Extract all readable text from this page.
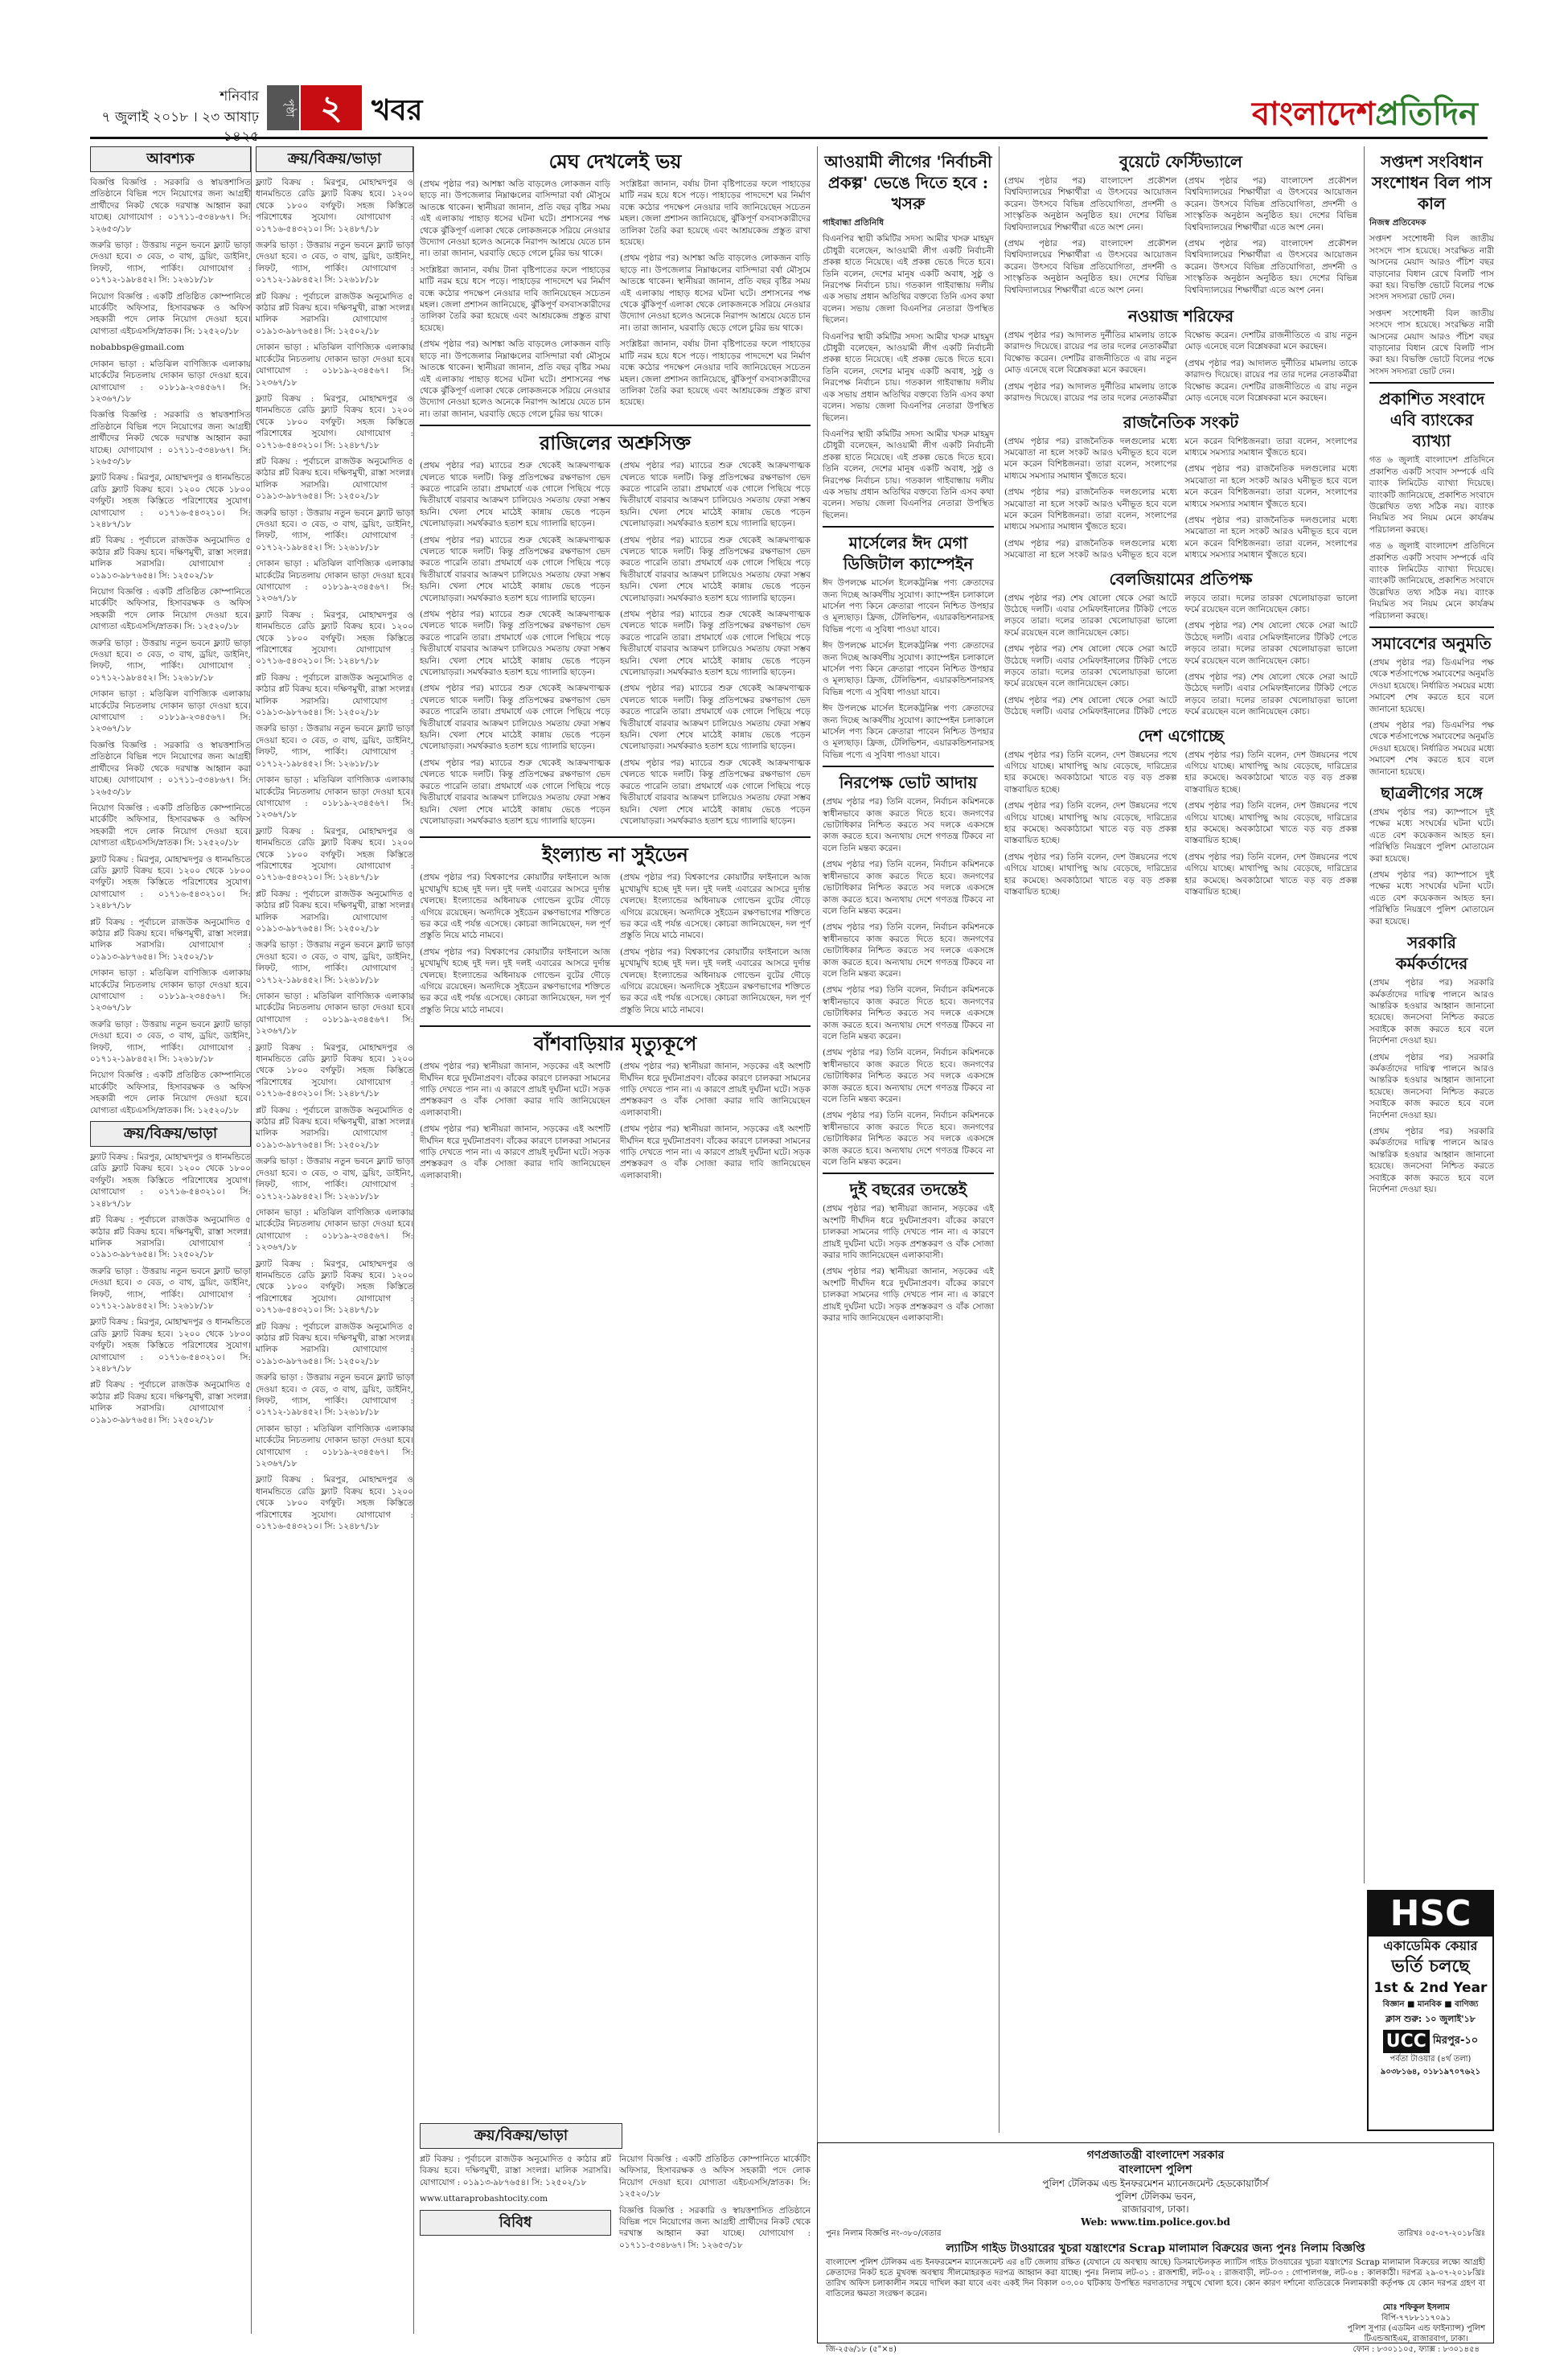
শনিবার
৭ জুলাই ২০১৮ । ২৩ আষাঢ় ১৪২৫
পৃষ্ঠা ২	খবর	বাংলাদেশপ্রতিদিন
আবশ্যক

বিজ্ঞপ্তি বিজ্ঞপ্তি : সরকারি ও স্বায়ত্তশাসিত প্রতিষ্ঠানে বিভিন্ন পদে নিয়োগের জন্য আগ্রহী প্রার্থীদের নিকট থেকে দরখাস্ত আহ্বান করা যাচ্ছে। যোগাযোগ : ০১৭১১-৫৩৪৮৬৭। সি: ১২৬৫৩/১৮

জরুরি ভাড়া : উত্তরায় নতুন ভবনে ফ্ল্যাট ভাড়া দেওয়া হবে। ৩ বেড, ৩ বাথ, ড্রয়িং, ডাইনিং, লিফট, গ্যাস, পার্কিং। যোগাযোগ : ০১৭১২-১৯৮৪৫২। সি: ১২৬১৮/১৮

নিয়োগ বিজ্ঞপ্তি : একটি প্রতিষ্ঠিত কোম্পানিতে মার্কেটিং অফিসার, হিসাবরক্ষক ও অফিস সহকারী পদে লোক নিয়োগ দেওয়া হবে। যোগ্যতা এইচএসসি/স্নাতক। সি: ১২৫২০/১৮

nobabbsp@gmail.com

দোকান ভাড়া : মতিঝিল বাণিজ্যিক এলাকায় মার্কেটের নিচতলায় দোকান ভাড়া দেওয়া হবে। যোগাযোগ : ০১৮১৯-২৩৪৫৬৭। সি: ১২৩৬৭/১৮

বিজ্ঞপ্তি বিজ্ঞপ্তি : সরকারি ও স্বায়ত্তশাসিত প্রতিষ্ঠানে বিভিন্ন পদে নিয়োগের জন্য আগ্রহী প্রার্থীদের নিকট থেকে দরখাস্ত আহ্বান করা যাচ্ছে। যোগাযোগ : ০১৭১১-৫৩৪৮৬৭। সি: ১২৬৫৩/১৮

ফ্ল্যাট বিক্রয় : মিরপুর, মোহাম্মদপুর ও ধানমন্ডিতে রেডি ফ্ল্যাট বিক্রয় হবে। ১২০০ থেকে ১৮০০ বর্গফুট। সহজ কিস্তিতে পরিশোধের সুযোগ। যোগাযোগ : ০১৭১৬-৫৪৩২১০। সি: ১২৪৮৭/১৮

প্লট বিক্রয় : পূর্বাচলে রাজউক অনুমোদিত ৫ কাঠার প্লট বিক্রয় হবে। দক্ষিণমুখী, রাস্তা সংলগ্ন। মালিক সরাসরি। যোগাযোগ : ০১৯১৩-৯৮৭৬৫৪। সি: ১২৫০২/১৮

নিয়োগ বিজ্ঞপ্তি : একটি প্রতিষ্ঠিত কোম্পানিতে মার্কেটিং অফিসার, হিসাবরক্ষক ও অফিস সহকারী পদে লোক নিয়োগ দেওয়া হবে। যোগ্যতা এইচএসসি/স্নাতক। সি: ১২৫২০/১৮

জরুরি ভাড়া : উত্তরায় নতুন ভবনে ফ্ল্যাট ভাড়া দেওয়া হবে। ৩ বেড, ৩ বাথ, ড্রয়িং, ডাইনিং, লিফট, গ্যাস, পার্কিং। যোগাযোগ : ০১৭১২-১৯৮৪৫২। সি: ১২৬১৮/১৮

দোকান ভাড়া : মতিঝিল বাণিজ্যিক এলাকায় মার্কেটের নিচতলায় দোকান ভাড়া দেওয়া হবে। যোগাযোগ : ০১৮১৯-২৩৪৫৬৭। সি: ১২৩৬৭/১৮

বিজ্ঞপ্তি বিজ্ঞপ্তি : সরকারি ও স্বায়ত্তশাসিত প্রতিষ্ঠানে বিভিন্ন পদে নিয়োগের জন্য আগ্রহী প্রার্থীদের নিকট থেকে দরখাস্ত আহ্বান করা যাচ্ছে। যোগাযোগ : ০১৭১১-৫৩৪৮৬৭। সি: ১২৬৫৩/১৮

নিয়োগ বিজ্ঞপ্তি : একটি প্রতিষ্ঠিত কোম্পানিতে মার্কেটিং অফিসার, হিসাবরক্ষক ও অফিস সহকারী পদে লোক নিয়োগ দেওয়া হবে। যোগ্যতা এইচএসসি/স্নাতক। সি: ১২৫২০/১৮

ফ্ল্যাট বিক্রয় : মিরপুর, মোহাম্মদপুর ও ধানমন্ডিতে রেডি ফ্ল্যাট বিক্রয় হবে। ১২০০ থেকে ১৮০০ বর্গফুট। সহজ কিস্তিতে পরিশোধের সুযোগ। যোগাযোগ : ০১৭১৬-৫৪৩২১০। সি: ১২৪৮৭/১৮

প্লট বিক্রয় : পূর্বাচলে রাজউক অনুমোদিত ৫ কাঠার প্লট বিক্রয় হবে। দক্ষিণমুখী, রাস্তা সংলগ্ন। মালিক সরাসরি। যোগাযোগ : ০১৯১৩-৯৮৭৬৫৪। সি: ১২৫০২/১৮

দোকান ভাড়া : মতিঝিল বাণিজ্যিক এলাকায় মার্কেটের নিচতলায় দোকান ভাড়া দেওয়া হবে। যোগাযোগ : ০১৮১৯-২৩৪৫৬৭। সি: ১২৩৬৭/১৮

জরুরি ভাড়া : উত্তরায় নতুন ভবনে ফ্ল্যাট ভাড়া দেওয়া হবে। ৩ বেড, ৩ বাথ, ড্রয়িং, ডাইনিং, লিফট, গ্যাস, পার্কিং। যোগাযোগ : ০১৭১২-১৯৮৪৫২। সি: ১২৬১৮/১৮

নিয়োগ বিজ্ঞপ্তি : একটি প্রতিষ্ঠিত কোম্পানিতে মার্কেটিং অফিসার, হিসাবরক্ষক ও অফিস সহকারী পদে লোক নিয়োগ দেওয়া হবে। যোগ্যতা এইচএসসি/স্নাতক। সি: ১২৫২০/১৮

ক্রয়/বিক্রয়/ভাড়া

ফ্ল্যাট বিক্রয় : মিরপুর, মোহাম্মদপুর ও ধানমন্ডিতে রেডি ফ্ল্যাট বিক্রয় হবে। ১২০০ থেকে ১৮০০ বর্গফুট। সহজ কিস্তিতে পরিশোধের সুযোগ। যোগাযোগ : ০১৭১৬-৫৪৩২১০। সি: ১২৪৮৭/১৮

প্লট বিক্রয় : পূর্বাচলে রাজউক অনুমোদিত ৫ কাঠার প্লট বিক্রয় হবে। দক্ষিণমুখী, রাস্তা সংলগ্ন। মালিক সরাসরি। যোগাযোগ : ০১৯১৩-৯৮৭৬৫৪। সি: ১২৫০২/১৮

জরুরি ভাড়া : উত্তরায় নতুন ভবনে ফ্ল্যাট ভাড়া দেওয়া হবে। ৩ বেড, ৩ বাথ, ড্রয়িং, ডাইনিং, লিফট, গ্যাস, পার্কিং। যোগাযোগ : ০১৭১২-১৯৮৪৫২। সি: ১২৬১৮/১৮

ফ্ল্যাট বিক্রয় : মিরপুর, মোহাম্মদপুর ও ধানমন্ডিতে রেডি ফ্ল্যাট বিক্রয় হবে। ১২০০ থেকে ১৮০০ বর্গফুট। সহজ কিস্তিতে পরিশোধের সুযোগ। যোগাযোগ : ০১৭১৬-৫৪৩২১০। সি: ১২৪৮৭/১৮

প্লট বিক্রয় : পূর্বাচলে রাজউক অনুমোদিত ৫ কাঠার প্লট বিক্রয় হবে। দক্ষিণমুখী, রাস্তা সংলগ্ন। মালিক সরাসরি। যোগাযোগ : ০১৯১৩-৯৮৭৬৫৪। সি: ১২৫০২/১৮

ক্রয়/বিক্রয়/ভাড়া

ফ্ল্যাট বিক্রয় : মিরপুর, মোহাম্মদপুর ও ধানমন্ডিতে রেডি ফ্ল্যাট বিক্রয় হবে। ১২০০ থেকে ১৮০০ বর্গফুট। সহজ কিস্তিতে পরিশোধের সুযোগ। যোগাযোগ : ০১৭১৬-৫৪৩২১০। সি: ১২৪৮৭/১৮

জরুরি ভাড়া : উত্তরায় নতুন ভবনে ফ্ল্যাট ভাড়া দেওয়া হবে। ৩ বেড, ৩ বাথ, ড্রয়িং, ডাইনিং, লিফট, গ্যাস, পার্কিং। যোগাযোগ : ০১৭১২-১৯৮৪৫২। সি: ১২৬১৮/১৮

প্লট বিক্রয় : পূর্বাচলে রাজউক অনুমোদিত ৫ কাঠার প্লট বিক্রয় হবে। দক্ষিণমুখী, রাস্তা সংলগ্ন। মালিক সরাসরি। যোগাযোগ : ০১৯১৩-৯৮৭৬৫৪। সি: ১২৫০২/১৮

দোকান ভাড়া : মতিঝিল বাণিজ্যিক এলাকায় মার্কেটের নিচতলায় দোকান ভাড়া দেওয়া হবে। যোগাযোগ : ০১৮১৯-২৩৪৫৬৭। সি: ১২৩৬৭/১৮

ফ্ল্যাট বিক্রয় : মিরপুর, মোহাম্মদপুর ও ধানমন্ডিতে রেডি ফ্ল্যাট বিক্রয় হবে। ১২০০ থেকে ১৮০০ বর্গফুট। সহজ কিস্তিতে পরিশোধের সুযোগ। যোগাযোগ : ০১৭১৬-৫৪৩২১০। সি: ১২৪৮৭/১৮

প্লট বিক্রয় : পূর্বাচলে রাজউক অনুমোদিত ৫ কাঠার প্লট বিক্রয় হবে। দক্ষিণমুখী, রাস্তা সংলগ্ন। মালিক সরাসরি। যোগাযোগ : ০১৯১৩-৯৮৭৬৫৪। সি: ১২৫০২/১৮

জরুরি ভাড়া : উত্তরায় নতুন ভবনে ফ্ল্যাট ভাড়া দেওয়া হবে। ৩ বেড, ৩ বাথ, ড্রয়িং, ডাইনিং, লিফট, গ্যাস, পার্কিং। যোগাযোগ : ০১৭১২-১৯৮৪৫২। সি: ১২৬১৮/১৮

দোকান ভাড়া : মতিঝিল বাণিজ্যিক এলাকায় মার্কেটের নিচতলায় দোকান ভাড়া দেওয়া হবে। যোগাযোগ : ০১৮১৯-২৩৪৫৬৭। সি: ১২৩৬৭/১৮

ফ্ল্যাট বিক্রয় : মিরপুর, মোহাম্মদপুর ও ধানমন্ডিতে রেডি ফ্ল্যাট বিক্রয় হবে। ১২০০ থেকে ১৮০০ বর্গফুট। সহজ কিস্তিতে পরিশোধের সুযোগ। যোগাযোগ : ০১৭১৬-৫৪৩২১০। সি: ১২৪৮৭/১৮

প্লট বিক্রয় : পূর্বাচলে রাজউক অনুমোদিত ৫ কাঠার প্লট বিক্রয় হবে। দক্ষিণমুখী, রাস্তা সংলগ্ন। মালিক সরাসরি। যোগাযোগ : ০১৯১৩-৯৮৭৬৫৪। সি: ১২৫০২/১৮

জরুরি ভাড়া : উত্তরায় নতুন ভবনে ফ্ল্যাট ভাড়া দেওয়া হবে। ৩ বেড, ৩ বাথ, ড্রয়িং, ডাইনিং, লিফট, গ্যাস, পার্কিং। যোগাযোগ : ০১৭১২-১৯৮৪৫২। সি: ১২৬১৮/১৮

দোকান ভাড়া : মতিঝিল বাণিজ্যিক এলাকায় মার্কেটের নিচতলায় দোকান ভাড়া দেওয়া হবে। যোগাযোগ : ০১৮১৯-২৩৪৫৬৭। সি: ১২৩৬৭/১৮

ফ্ল্যাট বিক্রয় : মিরপুর, মোহাম্মদপুর ও ধানমন্ডিতে রেডি ফ্ল্যাট বিক্রয় হবে। ১২০০ থেকে ১৮০০ বর্গফুট। সহজ কিস্তিতে পরিশোধের সুযোগ। যোগাযোগ : ০১৭১৬-৫৪৩২১০। সি: ১২৪৮৭/১৮

প্লট বিক্রয় : পূর্বাচলে রাজউক অনুমোদিত ৫ কাঠার প্লট বিক্রয় হবে। দক্ষিণমুখী, রাস্তা সংলগ্ন। মালিক সরাসরি। যোগাযোগ : ০১৯১৩-৯৮৭৬৫৪। সি: ১২৫০২/১৮

জরুরি ভাড়া : উত্তরায় নতুন ভবনে ফ্ল্যাট ভাড়া দেওয়া হবে। ৩ বেড, ৩ বাথ, ড্রয়িং, ডাইনিং, লিফট, গ্যাস, পার্কিং। যোগাযোগ : ০১৭১২-১৯৮৪৫২। সি: ১২৬১৮/১৮

দোকান ভাড়া : মতিঝিল বাণিজ্যিক এলাকায় মার্কেটের নিচতলায় দোকান ভাড়া দেওয়া হবে। যোগাযোগ : ০১৮১৯-২৩৪৫৬৭। সি: ১২৩৬৭/১৮

ফ্ল্যাট বিক্রয় : মিরপুর, মোহাম্মদপুর ও ধানমন্ডিতে রেডি ফ্ল্যাট বিক্রয় হবে। ১২০০ থেকে ১৮০০ বর্গফুট। সহজ কিস্তিতে পরিশোধের সুযোগ। যোগাযোগ : ০১৭১৬-৫৪৩২১০। সি: ১২৪৮৭/১৮

প্লট বিক্রয় : পূর্বাচলে রাজউক অনুমোদিত ৫ কাঠার প্লট বিক্রয় হবে। দক্ষিণমুখী, রাস্তা সংলগ্ন। মালিক সরাসরি। যোগাযোগ : ০১৯১৩-৯৮৭৬৫৪। সি: ১২৫০২/১৮

জরুরি ভাড়া : উত্তরায় নতুন ভবনে ফ্ল্যাট ভাড়া দেওয়া হবে। ৩ বেড, ৩ বাথ, ড্রয়িং, ডাইনিং, লিফট, গ্যাস, পার্কিং। যোগাযোগ : ০১৭১২-১৯৮৪৫২। সি: ১২৬১৮/১৮

দোকান ভাড়া : মতিঝিল বাণিজ্যিক এলাকায় মার্কেটের নিচতলায় দোকান ভাড়া দেওয়া হবে। যোগাযোগ : ০১৮১৯-২৩৪৫৬৭। সি: ১২৩৬৭/১৮

ফ্ল্যাট বিক্রয় : মিরপুর, মোহাম্মদপুর ও ধানমন্ডিতে রেডি ফ্ল্যাট বিক্রয় হবে। ১২০০ থেকে ১৮০০ বর্গফুট। সহজ কিস্তিতে পরিশোধের সুযোগ। যোগাযোগ : ০১৭১৬-৫৪৩২১০। সি: ১২৪৮৭/১৮

প্লট বিক্রয় : পূর্বাচলে রাজউক অনুমোদিত ৫ কাঠার প্লট বিক্রয় হবে। দক্ষিণমুখী, রাস্তা সংলগ্ন। মালিক সরাসরি। যোগাযোগ : ০১৯১৩-৯৮৭৬৫৪। সি: ১২৫০২/১৮

জরুরি ভাড়া : উত্তরায় নতুন ভবনে ফ্ল্যাট ভাড়া দেওয়া হবে। ৩ বেড, ৩ বাথ, ড্রয়িং, ডাইনিং, লিফট, গ্যাস, পার্কিং। যোগাযোগ : ০১৭১২-১৯৮৪৫২। সি: ১২৬১৮/১৮

দোকান ভাড়া : মতিঝিল বাণিজ্যিক এলাকায় মার্কেটের নিচতলায় দোকান ভাড়া দেওয়া হবে। যোগাযোগ : ০১৮১৯-২৩৪৫৬৭। সি: ১২৩৬৭/১৮

ফ্ল্যাট বিক্রয় : মিরপুর, মোহাম্মদপুর ও ধানমন্ডিতে রেডি ফ্ল্যাট বিক্রয় হবে। ১২০০ থেকে ১৮০০ বর্গফুট। সহজ কিস্তিতে পরিশোধের সুযোগ। যোগাযোগ : ০১৭১৬-৫৪৩২১০। সি: ১২৪৮৭/১৮

মেঘ দেখলেই ভয়

(প্রথম পৃষ্ঠার পর) আশঙ্কা অতি বাড়লেও লোকজন বাড়ি ছাড়ে না। উপজেলার নিম্নাঞ্চলের বাসিন্দারা বর্ষা মৌসুমে আতঙ্কে থাকেন। স্থানীয়রা জানান, প্রতি বছর বৃষ্টির সময় এই এলাকায় পাহাড় ধসের ঘটনা ঘটে। প্রশাসনের পক্ষ থেকে ঝুঁকিপূর্ণ এলাকা থেকে লোকজনকে সরিয়ে নেওয়ার উদ্যোগ নেওয়া হলেও অনেকে নিরাপদ আশ্রয়ে যেতে চান না। তারা জানান, ঘরবাড়ি ছেড়ে গেলে চুরির ভয় থাকে।

সংশ্লিষ্টরা জানান, বর্ষায় টানা বৃষ্টিপাতের ফলে পাহাড়ের মাটি নরম হয়ে ধসে পড়ে। পাহাড়ের পাদদেশে ঘর নির্মাণ বন্ধে কঠোর পদক্ষেপ নেওয়ার দাবি জানিয়েছেন সচেতন মহল। জেলা প্রশাসন জানিয়েছে, ঝুঁকিপূর্ণ বসবাসকারীদের তালিকা তৈরি করা হয়েছে এবং আশ্রয়কেন্দ্র প্রস্তুত রাখা হয়েছে।

(প্রথম পৃষ্ঠার পর) আশঙ্কা অতি বাড়লেও লোকজন বাড়ি ছাড়ে না। উপজেলার নিম্নাঞ্চলের বাসিন্দারা বর্ষা মৌসুমে আতঙ্কে থাকেন। স্থানীয়রা জানান, প্রতি বছর বৃষ্টির সময় এই এলাকায় পাহাড় ধসের ঘটনা ঘটে। প্রশাসনের পক্ষ থেকে ঝুঁকিপূর্ণ এলাকা থেকে লোকজনকে সরিয়ে নেওয়ার উদ্যোগ নেওয়া হলেও অনেকে নিরাপদ আশ্রয়ে যেতে চান না। তারা জানান, ঘরবাড়ি ছেড়ে গেলে চুরির ভয় থাকে।

সংশ্লিষ্টরা জানান, বর্ষায় টানা বৃষ্টিপাতের ফলে পাহাড়ের মাটি নরম হয়ে ধসে পড়ে। পাহাড়ের পাদদেশে ঘর নির্মাণ বন্ধে কঠোর পদক্ষেপ নেওয়ার দাবি জানিয়েছেন সচেতন মহল। জেলা প্রশাসন জানিয়েছে, ঝুঁকিপূর্ণ বসবাসকারীদের তালিকা তৈরি করা হয়েছে এবং আশ্রয়কেন্দ্র প্রস্তুত রাখা হয়েছে।

(প্রথম পৃষ্ঠার পর) আশঙ্কা অতি বাড়লেও লোকজন বাড়ি ছাড়ে না। উপজেলার নিম্নাঞ্চলের বাসিন্দারা বর্ষা মৌসুমে আতঙ্কে থাকেন। স্থানীয়রা জানান, প্রতি বছর বৃষ্টির সময় এই এলাকায় পাহাড় ধসের ঘটনা ঘটে। প্রশাসনের পক্ষ থেকে ঝুঁকিপূর্ণ এলাকা থেকে লোকজনকে সরিয়ে নেওয়ার উদ্যোগ নেওয়া হলেও অনেকে নিরাপদ আশ্রয়ে যেতে চান না। তারা জানান, ঘরবাড়ি ছেড়ে গেলে চুরির ভয় থাকে।

সংশ্লিষ্টরা জানান, বর্ষায় টানা বৃষ্টিপাতের ফলে পাহাড়ের মাটি নরম হয়ে ধসে পড়ে। পাহাড়ের পাদদেশে ঘর নির্মাণ বন্ধে কঠোর পদক্ষেপ নেওয়ার দাবি জানিয়েছেন সচেতন মহল। জেলা প্রশাসন জানিয়েছে, ঝুঁকিপূর্ণ বসবাসকারীদের তালিকা তৈরি করা হয়েছে এবং আশ্রয়কেন্দ্র প্রস্তুত রাখা হয়েছে।

রাজিলের অশ্রুসিক্ত

(প্রথম পৃষ্ঠার পর) ম্যাচের শুরু থেকেই আক্রমণাত্মক খেলতে থাকে দলটি। কিন্তু প্রতিপক্ষের রক্ষণভাগ ভেদ করতে পারেনি তারা। প্রথমার্ধে এক গোলে পিছিয়ে পড়ে দ্বিতীয়ার্ধে বারবার আক্রমণ চালিয়েও সমতায় ফেরা সম্ভব হয়নি। খেলা শেষে মাঠেই কান্নায় ভেঙে পড়েন খেলোয়াড়রা। সমর্থকরাও হতাশ হয়ে গ্যালারি ছাড়েন।

(প্রথম পৃষ্ঠার পর) ম্যাচের শুরু থেকেই আক্রমণাত্মক খেলতে থাকে দলটি। কিন্তু প্রতিপক্ষের রক্ষণভাগ ভেদ করতে পারেনি তারা। প্রথমার্ধে এক গোলে পিছিয়ে পড়ে দ্বিতীয়ার্ধে বারবার আক্রমণ চালিয়েও সমতায় ফেরা সম্ভব হয়নি। খেলা শেষে মাঠেই কান্নায় ভেঙে পড়েন খেলোয়াড়রা। সমর্থকরাও হতাশ হয়ে গ্যালারি ছাড়েন।

(প্রথম পৃষ্ঠার পর) ম্যাচের শুরু থেকেই আক্রমণাত্মক খেলতে থাকে দলটি। কিন্তু প্রতিপক্ষের রক্ষণভাগ ভেদ করতে পারেনি তারা। প্রথমার্ধে এক গোলে পিছিয়ে পড়ে দ্বিতীয়ার্ধে বারবার আক্রমণ চালিয়েও সমতায় ফেরা সম্ভব হয়নি। খেলা শেষে মাঠেই কান্নায় ভেঙে পড়েন খেলোয়াড়রা। সমর্থকরাও হতাশ হয়ে গ্যালারি ছাড়েন।

(প্রথম পৃষ্ঠার পর) ম্যাচের শুরু থেকেই আক্রমণাত্মক খেলতে থাকে দলটি। কিন্তু প্রতিপক্ষের রক্ষণভাগ ভেদ করতে পারেনি তারা। প্রথমার্ধে এক গোলে পিছিয়ে পড়ে দ্বিতীয়ার্ধে বারবার আক্রমণ চালিয়েও সমতায় ফেরা সম্ভব হয়নি। খেলা শেষে মাঠেই কান্নায় ভেঙে পড়েন খেলোয়াড়রা। সমর্থকরাও হতাশ হয়ে গ্যালারি ছাড়েন।

(প্রথম পৃষ্ঠার পর) ম্যাচের শুরু থেকেই আক্রমণাত্মক খেলতে থাকে দলটি। কিন্তু প্রতিপক্ষের রক্ষণভাগ ভেদ করতে পারেনি তারা। প্রথমার্ধে এক গোলে পিছিয়ে পড়ে দ্বিতীয়ার্ধে বারবার আক্রমণ চালিয়েও সমতায় ফেরা সম্ভব হয়নি। খেলা শেষে মাঠেই কান্নায় ভেঙে পড়েন খেলোয়াড়রা। সমর্থকরাও হতাশ হয়ে গ্যালারি ছাড়েন।

(প্রথম পৃষ্ঠার পর) ম্যাচের শুরু থেকেই আক্রমণাত্মক খেলতে থাকে দলটি। কিন্তু প্রতিপক্ষের রক্ষণভাগ ভেদ করতে পারেনি তারা। প্রথমার্ধে এক গোলে পিছিয়ে পড়ে দ্বিতীয়ার্ধে বারবার আক্রমণ চালিয়েও সমতায় ফেরা সম্ভব হয়নি। খেলা শেষে মাঠেই কান্নায় ভেঙে পড়েন খেলোয়াড়রা। সমর্থকরাও হতাশ হয়ে গ্যালারি ছাড়েন।

(প্রথম পৃষ্ঠার পর) ম্যাচের শুরু থেকেই আক্রমণাত্মক খেলতে থাকে দলটি। কিন্তু প্রতিপক্ষের রক্ষণভাগ ভেদ করতে পারেনি তারা। প্রথমার্ধে এক গোলে পিছিয়ে পড়ে দ্বিতীয়ার্ধে বারবার আক্রমণ চালিয়েও সমতায় ফেরা সম্ভব হয়নি। খেলা শেষে মাঠেই কান্নায় ভেঙে পড়েন খেলোয়াড়রা। সমর্থকরাও হতাশ হয়ে গ্যালারি ছাড়েন।

(প্রথম পৃষ্ঠার পর) ম্যাচের শুরু থেকেই আক্রমণাত্মক খেলতে থাকে দলটি। কিন্তু প্রতিপক্ষের রক্ষণভাগ ভেদ করতে পারেনি তারা। প্রথমার্ধে এক গোলে পিছিয়ে পড়ে দ্বিতীয়ার্ধে বারবার আক্রমণ চালিয়েও সমতায় ফেরা সম্ভব হয়নি। খেলা শেষে মাঠেই কান্নায় ভেঙে পড়েন খেলোয়াড়রা। সমর্থকরাও হতাশ হয়ে গ্যালারি ছাড়েন।

(প্রথম পৃষ্ঠার পর) ম্যাচের শুরু থেকেই আক্রমণাত্মক খেলতে থাকে দলটি। কিন্তু প্রতিপক্ষের রক্ষণভাগ ভেদ করতে পারেনি তারা। প্রথমার্ধে এক গোলে পিছিয়ে পড়ে দ্বিতীয়ার্ধে বারবার আক্রমণ চালিয়েও সমতায় ফেরা সম্ভব হয়নি। খেলা শেষে মাঠেই কান্নায় ভেঙে পড়েন খেলোয়াড়রা। সমর্থকরাও হতাশ হয়ে গ্যালারি ছাড়েন।

(প্রথম পৃষ্ঠার পর) ম্যাচের শুরু থেকেই আক্রমণাত্মক খেলতে থাকে দলটি। কিন্তু প্রতিপক্ষের রক্ষণভাগ ভেদ করতে পারেনি তারা। প্রথমার্ধে এক গোলে পিছিয়ে পড়ে দ্বিতীয়ার্ধে বারবার আক্রমণ চালিয়েও সমতায় ফেরা সম্ভব হয়নি। খেলা শেষে মাঠেই কান্নায় ভেঙে পড়েন খেলোয়াড়রা। সমর্থকরাও হতাশ হয়ে গ্যালারি ছাড়েন।

ইংল্যান্ড না সুইডেন

(প্রথম পৃষ্ঠার পর) বিশ্বকাপের কোয়ার্টার ফাইনালে আজ মুখোমুখি হচ্ছে দুই দল। দুই দলই এবারের আসরে দুর্দান্ত খেলছে। ইংল্যান্ডের অধিনায়ক গোল্ডেন বুটের দৌড়ে এগিয়ে রয়েছেন। অন্যদিকে সুইডেন রক্ষণভাগের শক্তিতে ভর করে এই পর্যন্ত এসেছে। কোচরা জানিয়েছেন, দল পূর্ণ প্রস্তুতি নিয়ে মাঠে নামবে।

(প্রথম পৃষ্ঠার পর) বিশ্বকাপের কোয়ার্টার ফাইনালে আজ মুখোমুখি হচ্ছে দুই দল। দুই দলই এবারের আসরে দুর্দান্ত খেলছে। ইংল্যান্ডের অধিনায়ক গোল্ডেন বুটের দৌড়ে এগিয়ে রয়েছেন। অন্যদিকে সুইডেন রক্ষণভাগের শক্তিতে ভর করে এই পর্যন্ত এসেছে। কোচরা জানিয়েছেন, দল পূর্ণ প্রস্তুতি নিয়ে মাঠে নামবে।

(প্রথম পৃষ্ঠার পর) বিশ্বকাপের কোয়ার্টার ফাইনালে আজ মুখোমুখি হচ্ছে দুই দল। দুই দলই এবারের আসরে দুর্দান্ত খেলছে। ইংল্যান্ডের অধিনায়ক গোল্ডেন বুটের দৌড়ে এগিয়ে রয়েছেন। অন্যদিকে সুইডেন রক্ষণভাগের শক্তিতে ভর করে এই পর্যন্ত এসেছে। কোচরা জানিয়েছেন, দল পূর্ণ প্রস্তুতি নিয়ে মাঠে নামবে।

(প্রথম পৃষ্ঠার পর) বিশ্বকাপের কোয়ার্টার ফাইনালে আজ মুখোমুখি হচ্ছে দুই দল। দুই দলই এবারের আসরে দুর্দান্ত খেলছে। ইংল্যান্ডের অধিনায়ক গোল্ডেন বুটের দৌড়ে এগিয়ে রয়েছেন। অন্যদিকে সুইডেন রক্ষণভাগের শক্তিতে ভর করে এই পর্যন্ত এসেছে। কোচরা জানিয়েছেন, দল পূর্ণ প্রস্তুতি নিয়ে মাঠে নামবে।

বাঁশবাড়িয়ার মৃত্যুকূপে

(প্রথম পৃষ্ঠার পর) স্থানীয়রা জানান, সড়কের এই অংশটি দীর্ঘদিন ধরে দুর্ঘটনাপ্রবণ। বাঁকের কারণে চালকরা সামনের গাড়ি দেখতে পান না। এ কারণে প্রায়ই দুর্ঘটনা ঘটে। সড়ক প্রশস্তকরণ ও বাঁক সোজা করার দাবি জানিয়েছেন এলাকাবাসী।

(প্রথম পৃষ্ঠার পর) স্থানীয়রা জানান, সড়কের এই অংশটি দীর্ঘদিন ধরে দুর্ঘটনাপ্রবণ। বাঁকের কারণে চালকরা সামনের গাড়ি দেখতে পান না। এ কারণে প্রায়ই দুর্ঘটনা ঘটে। সড়ক প্রশস্তকরণ ও বাঁক সোজা করার দাবি জানিয়েছেন এলাকাবাসী।

(প্রথম পৃষ্ঠার পর) স্থানীয়রা জানান, সড়কের এই অংশটি দীর্ঘদিন ধরে দুর্ঘটনাপ্রবণ। বাঁকের কারণে চালকরা সামনের গাড়ি দেখতে পান না। এ কারণে প্রায়ই দুর্ঘটনা ঘটে। সড়ক প্রশস্তকরণ ও বাঁক সোজা করার দাবি জানিয়েছেন এলাকাবাসী।

(প্রথম পৃষ্ঠার পর) স্থানীয়রা জানান, সড়কের এই অংশটি দীর্ঘদিন ধরে দুর্ঘটনাপ্রবণ। বাঁকের কারণে চালকরা সামনের গাড়ি দেখতে পান না। এ কারণে প্রায়ই দুর্ঘটনা ঘটে। সড়ক প্রশস্তকরণ ও বাঁক সোজা করার দাবি জানিয়েছেন এলাকাবাসী।

ক্রয়/বিক্রয়/ভাড়া

প্লট বিক্রয় : পূর্বাচলে রাজউক অনুমোদিত ৫ কাঠার প্লট বিক্রয় হবে। দক্ষিণমুখী, রাস্তা সংলগ্ন। মালিক সরাসরি। যোগাযোগ : ০১৯১৩-৯৮৭৬৫৪। সি: ১২৫০২/১৮

www.uttaraprobashtocity.com

বিবিধ

নিয়োগ বিজ্ঞপ্তি : একটি প্রতিষ্ঠিত কোম্পানিতে মার্কেটিং অফিসার, হিসাবরক্ষক ও অফিস সহকারী পদে লোক নিয়োগ দেওয়া হবে। যোগ্যতা এইচএসসি/স্নাতক। সি: ১২৫২০/১৮

বিজ্ঞপ্তি বিজ্ঞপ্তি : সরকারি ও স্বায়ত্তশাসিত প্রতিষ্ঠানে বিভিন্ন পদে নিয়োগের জন্য আগ্রহী প্রার্থীদের নিকট থেকে দরখাস্ত আহ্বান করা যাচ্ছে। যোগাযোগ : ০১৭১১-৫৩৪৮৬৭। সি: ১২৬৫৩/১৮

আওয়ামী লীগের 'নির্বাচনী প্রকল্প' ভেঙে দিতে হবে : খসরু

গাইবান্ধা প্রতিনিধি

বিএনপির স্থায়ী কমিটির সদস্য আমীর খসরু মাহমুদ চৌধুরী বলেছেন, আওয়ামী লীগ একটি নির্বাচনী প্রকল্প হাতে নিয়েছে। এই প্রকল্প ভেঙে দিতে হবে। তিনি বলেন, দেশের মানুষ একটি অবাধ, সুষ্ঠু ও নিরপেক্ষ নির্বাচন চায়। গতকাল গাইবান্ধায় দলীয় এক সভায় প্রধান অতিথির বক্তব্যে তিনি এসব কথা বলেন। সভায় জেলা বিএনপির নেতারা উপস্থিত ছিলেন।

বিএনপির স্থায়ী কমিটির সদস্য আমীর খসরু মাহমুদ চৌধুরী বলেছেন, আওয়ামী লীগ একটি নির্বাচনী প্রকল্প হাতে নিয়েছে। এই প্রকল্প ভেঙে দিতে হবে। তিনি বলেন, দেশের মানুষ একটি অবাধ, সুষ্ঠু ও নিরপেক্ষ নির্বাচন চায়। গতকাল গাইবান্ধায় দলীয় এক সভায় প্রধান অতিথির বক্তব্যে তিনি এসব কথা বলেন। সভায় জেলা বিএনপির নেতারা উপস্থিত ছিলেন।

বিএনপির স্থায়ী কমিটির সদস্য আমীর খসরু মাহমুদ চৌধুরী বলেছেন, আওয়ামী লীগ একটি নির্বাচনী প্রকল্প হাতে নিয়েছে। এই প্রকল্প ভেঙে দিতে হবে। তিনি বলেন, দেশের মানুষ একটি অবাধ, সুষ্ঠু ও নিরপেক্ষ নির্বাচন চায়। গতকাল গাইবান্ধায় দলীয় এক সভায় প্রধান অতিথির বক্তব্যে তিনি এসব কথা বলেন। সভায় জেলা বিএনপির নেতারা উপস্থিত ছিলেন।

মার্সেলের ঈদ মেগা ডিজিটাল ক্যাম্পেইন

ঈদ উপলক্ষে মার্সেল ইলেকট্রনিক্স পণ্য ক্রেতাদের জন্য দিচ্ছে আকর্ষণীয় সুযোগ। ক্যাম্পেইন চলাকালে মার্সেল পণ্য কিনে ক্রেতারা পাবেন নিশ্চিত উপহার ও মূল্যছাড়। ফ্রিজ, টেলিভিশন, এয়ারকন্ডিশনারসহ বিভিন্ন পণ্যে এ সুবিধা পাওয়া যাবে।

ঈদ উপলক্ষে মার্সেল ইলেকট্রনিক্স পণ্য ক্রেতাদের জন্য দিচ্ছে আকর্ষণীয় সুযোগ। ক্যাম্পেইন চলাকালে মার্সেল পণ্য কিনে ক্রেতারা পাবেন নিশ্চিত উপহার ও মূল্যছাড়। ফ্রিজ, টেলিভিশন, এয়ারকন্ডিশনারসহ বিভিন্ন পণ্যে এ সুবিধা পাওয়া যাবে।

ঈদ উপলক্ষে মার্সেল ইলেকট্রনিক্স পণ্য ক্রেতাদের জন্য দিচ্ছে আকর্ষণীয় সুযোগ। ক্যাম্পেইন চলাকালে মার্সেল পণ্য কিনে ক্রেতারা পাবেন নিশ্চিত উপহার ও মূল্যছাড়। ফ্রিজ, টেলিভিশন, এয়ারকন্ডিশনারসহ বিভিন্ন পণ্যে এ সুবিধা পাওয়া যাবে।

নিরপেক্ষ ভোট আদায়

(প্রথম পৃষ্ঠার পর) তিনি বলেন, নির্বাচন কমিশনকে স্বাধীনভাবে কাজ করতে দিতে হবে। জনগণের ভোটাধিকার নিশ্চিত করতে সব দলকে একসঙ্গে কাজ করতে হবে। অন্যথায় দেশে গণতন্ত্র টিকবে না বলে তিনি মন্তব্য করেন।

(প্রথম পৃষ্ঠার পর) তিনি বলেন, নির্বাচন কমিশনকে স্বাধীনভাবে কাজ করতে দিতে হবে। জনগণের ভোটাধিকার নিশ্চিত করতে সব দলকে একসঙ্গে কাজ করতে হবে। অন্যথায় দেশে গণতন্ত্র টিকবে না বলে তিনি মন্তব্য করেন।

(প্রথম পৃষ্ঠার পর) তিনি বলেন, নির্বাচন কমিশনকে স্বাধীনভাবে কাজ করতে দিতে হবে। জনগণের ভোটাধিকার নিশ্চিত করতে সব দলকে একসঙ্গে কাজ করতে হবে। অন্যথায় দেশে গণতন্ত্র টিকবে না বলে তিনি মন্তব্য করেন।

(প্রথম পৃষ্ঠার পর) তিনি বলেন, নির্বাচন কমিশনকে স্বাধীনভাবে কাজ করতে দিতে হবে। জনগণের ভোটাধিকার নিশ্চিত করতে সব দলকে একসঙ্গে কাজ করতে হবে। অন্যথায় দেশে গণতন্ত্র টিকবে না বলে তিনি মন্তব্য করেন।

(প্রথম পৃষ্ঠার পর) তিনি বলেন, নির্বাচন কমিশনকে স্বাধীনভাবে কাজ করতে দিতে হবে। জনগণের ভোটাধিকার নিশ্চিত করতে সব দলকে একসঙ্গে কাজ করতে হবে। অন্যথায় দেশে গণতন্ত্র টিকবে না বলে তিনি মন্তব্য করেন।

(প্রথম পৃষ্ঠার পর) তিনি বলেন, নির্বাচন কমিশনকে স্বাধীনভাবে কাজ করতে দিতে হবে। জনগণের ভোটাধিকার নিশ্চিত করতে সব দলকে একসঙ্গে কাজ করতে হবে। অন্যথায় দেশে গণতন্ত্র টিকবে না বলে তিনি মন্তব্য করেন।

দুই বছরের তদন্তেই

(প্রথম পৃষ্ঠার পর) স্থানীয়রা জানান, সড়কের এই অংশটি দীর্ঘদিন ধরে দুর্ঘটনাপ্রবণ। বাঁকের কারণে চালকরা সামনের গাড়ি দেখতে পান না। এ কারণে প্রায়ই দুর্ঘটনা ঘটে। সড়ক প্রশস্তকরণ ও বাঁক সোজা করার দাবি জানিয়েছেন এলাকাবাসী।

(প্রথম পৃষ্ঠার পর) স্থানীয়রা জানান, সড়কের এই অংশটি দীর্ঘদিন ধরে দুর্ঘটনাপ্রবণ। বাঁকের কারণে চালকরা সামনের গাড়ি দেখতে পান না। এ কারণে প্রায়ই দুর্ঘটনা ঘটে। সড়ক প্রশস্তকরণ ও বাঁক সোজা করার দাবি জানিয়েছেন এলাকাবাসী।

বুয়েটে ফেস্টিভ্যালে

(প্রথম পৃষ্ঠার পর) বাংলাদেশ প্রকৌশল বিশ্ববিদ্যালয়ের শিক্ষার্থীরা এ উৎসবের আয়োজন করেন। উৎসবে বিভিন্ন প্রতিযোগিতা, প্রদর্শনী ও সাংস্কৃতিক অনুষ্ঠান অনুষ্ঠিত হয়। দেশের বিভিন্ন বিশ্ববিদ্যালয়ের শিক্ষার্থীরা এতে অংশ নেন।

(প্রথম পৃষ্ঠার পর) বাংলাদেশ প্রকৌশল বিশ্ববিদ্যালয়ের শিক্ষার্থীরা এ উৎসবের আয়োজন করেন। উৎসবে বিভিন্ন প্রতিযোগিতা, প্রদর্শনী ও সাংস্কৃতিক অনুষ্ঠান অনুষ্ঠিত হয়। দেশের বিভিন্ন বিশ্ববিদ্যালয়ের শিক্ষার্থীরা এতে অংশ নেন।

(প্রথম পৃষ্ঠার পর) বাংলাদেশ প্রকৌশল বিশ্ববিদ্যালয়ের শিক্ষার্থীরা এ উৎসবের আয়োজন করেন। উৎসবে বিভিন্ন প্রতিযোগিতা, প্রদর্শনী ও সাংস্কৃতিক অনুষ্ঠান অনুষ্ঠিত হয়। দেশের বিভিন্ন বিশ্ববিদ্যালয়ের শিক্ষার্থীরা এতে অংশ নেন।

(প্রথম পৃষ্ঠার পর) বাংলাদেশ প্রকৌশল বিশ্ববিদ্যালয়ের শিক্ষার্থীরা এ উৎসবের আয়োজন করেন। উৎসবে বিভিন্ন প্রতিযোগিতা, প্রদর্শনী ও সাংস্কৃতিক অনুষ্ঠান অনুষ্ঠিত হয়। দেশের বিভিন্ন বিশ্ববিদ্যালয়ের শিক্ষার্থীরা এতে অংশ নেন।

নওয়াজ শরিফের

(প্রথম পৃষ্ঠার পর) আদালত দুর্নীতির মামলায় তাকে কারাদণ্ড দিয়েছে। রায়ের পর তার দলের নেতাকর্মীরা বিক্ষোভ করেন। দেশটির রাজনীতিতে এ রায় নতুন মোড় এনেছে বলে বিশ্লেষকরা মনে করছেন।

(প্রথম পৃষ্ঠার পর) আদালত দুর্নীতির মামলায় তাকে কারাদণ্ড দিয়েছে। রায়ের পর তার দলের নেতাকর্মীরা বিক্ষোভ করেন। দেশটির রাজনীতিতে এ রায় নতুন মোড় এনেছে বলে বিশ্লেষকরা মনে করছেন।

(প্রথম পৃষ্ঠার পর) আদালত দুর্নীতির মামলায় তাকে কারাদণ্ড দিয়েছে। রায়ের পর তার দলের নেতাকর্মীরা বিক্ষোভ করেন। দেশটির রাজনীতিতে এ রায় নতুন মোড় এনেছে বলে বিশ্লেষকরা মনে করছেন।

রাজনৈতিক সংকট

(প্রথম পৃষ্ঠার পর) রাজনৈতিক দলগুলোর মধ্যে সমঝোতা না হলে সংকট আরও ঘনীভূত হবে বলে মনে করেন বিশিষ্টজনরা। তারা বলেন, সংলাপের মাধ্যমে সমস্যার সমাধান খুঁজতে হবে।

(প্রথম পৃষ্ঠার পর) রাজনৈতিক দলগুলোর মধ্যে সমঝোতা না হলে সংকট আরও ঘনীভূত হবে বলে মনে করেন বিশিষ্টজনরা। তারা বলেন, সংলাপের মাধ্যমে সমস্যার সমাধান খুঁজতে হবে।

(প্রথম পৃষ্ঠার পর) রাজনৈতিক দলগুলোর মধ্যে সমঝোতা না হলে সংকট আরও ঘনীভূত হবে বলে মনে করেন বিশিষ্টজনরা। তারা বলেন, সংলাপের মাধ্যমে সমস্যার সমাধান খুঁজতে হবে।

(প্রথম পৃষ্ঠার পর) রাজনৈতিক দলগুলোর মধ্যে সমঝোতা না হলে সংকট আরও ঘনীভূত হবে বলে মনে করেন বিশিষ্টজনরা। তারা বলেন, সংলাপের মাধ্যমে সমস্যার সমাধান খুঁজতে হবে।

(প্রথম পৃষ্ঠার পর) রাজনৈতিক দলগুলোর মধ্যে সমঝোতা না হলে সংকট আরও ঘনীভূত হবে বলে মনে করেন বিশিষ্টজনরা। তারা বলেন, সংলাপের মাধ্যমে সমস্যার সমাধান খুঁজতে হবে।

বেলজিয়ামের প্রতিপক্ষ

(প্রথম পৃষ্ঠার পর) শেষ ষোলো থেকে সেরা আটে উঠেছে দলটি। এবার সেমিফাইনালের টিকিট পেতে লড়বে তারা। দলের তারকা খেলোয়াড়রা ভালো ফর্মে রয়েছেন বলে জানিয়েছেন কোচ।

(প্রথম পৃষ্ঠার পর) শেষ ষোলো থেকে সেরা আটে উঠেছে দলটি। এবার সেমিফাইনালের টিকিট পেতে লড়বে তারা। দলের তারকা খেলোয়াড়রা ভালো ফর্মে রয়েছেন বলে জানিয়েছেন কোচ।

(প্রথম পৃষ্ঠার পর) শেষ ষোলো থেকে সেরা আটে উঠেছে দলটি। এবার সেমিফাইনালের টিকিট পেতে লড়বে তারা। দলের তারকা খেলোয়াড়রা ভালো ফর্মে রয়েছেন বলে জানিয়েছেন কোচ।

(প্রথম পৃষ্ঠার পর) শেষ ষোলো থেকে সেরা আটে উঠেছে দলটি। এবার সেমিফাইনালের টিকিট পেতে লড়বে তারা। দলের তারকা খেলোয়াড়রা ভালো ফর্মে রয়েছেন বলে জানিয়েছেন কোচ।

(প্রথম পৃষ্ঠার পর) শেষ ষোলো থেকে সেরা আটে উঠেছে দলটি। এবার সেমিফাইনালের টিকিট পেতে লড়বে তারা। দলের তারকা খেলোয়াড়রা ভালো ফর্মে রয়েছেন বলে জানিয়েছেন কোচ।

দেশ এগোচ্ছে

(প্রথম পৃষ্ঠার পর) তিনি বলেন, দেশ উন্নয়নের পথে এগিয়ে যাচ্ছে। মাথাপিছু আয় বেড়েছে, দারিদ্র্যের হার কমেছে। অবকাঠামো খাতে বড় বড় প্রকল্প বাস্তবায়িত হচ্ছে।

(প্রথম পৃষ্ঠার পর) তিনি বলেন, দেশ উন্নয়নের পথে এগিয়ে যাচ্ছে। মাথাপিছু আয় বেড়েছে, দারিদ্র্যের হার কমেছে। অবকাঠামো খাতে বড় বড় প্রকল্প বাস্তবায়িত হচ্ছে।

(প্রথম পৃষ্ঠার পর) তিনি বলেন, দেশ উন্নয়নের পথে এগিয়ে যাচ্ছে। মাথাপিছু আয় বেড়েছে, দারিদ্র্যের হার কমেছে। অবকাঠামো খাতে বড় বড় প্রকল্প বাস্তবায়িত হচ্ছে।

(প্রথম পৃষ্ঠার পর) তিনি বলেন, দেশ উন্নয়নের পথে এগিয়ে যাচ্ছে। মাথাপিছু আয় বেড়েছে, দারিদ্র্যের হার কমেছে। অবকাঠামো খাতে বড় বড় প্রকল্প বাস্তবায়িত হচ্ছে।

(প্রথম পৃষ্ঠার পর) তিনি বলেন, দেশ উন্নয়নের পথে এগিয়ে যাচ্ছে। মাথাপিছু আয় বেড়েছে, দারিদ্র্যের হার কমেছে। অবকাঠামো খাতে বড় বড় প্রকল্প বাস্তবায়িত হচ্ছে।

(প্রথম পৃষ্ঠার পর) তিনি বলেন, দেশ উন্নয়নের পথে এগিয়ে যাচ্ছে। মাথাপিছু আয় বেড়েছে, দারিদ্র্যের হার কমেছে। অবকাঠামো খাতে বড় বড় প্রকল্প বাস্তবায়িত হচ্ছে।

সপ্তদশ সংবিধান সংশোধন বিল পাস কাল

নিজস্ব প্রতিবেদক

সপ্তদশ সংশোধনী বিল জাতীয় সংসদে পাস হয়েছে। সংরক্ষিত নারী আসনের মেয়াদ আরও পঁচিশ বছর বাড়ানোর বিধান রেখে বিলটি পাস করা হয়। বিভক্তি ভোটে বিলের পক্ষে সংসদ সদস্যরা ভোট দেন।

সপ্তদশ সংশোধনী বিল জাতীয় সংসদে পাস হয়েছে। সংরক্ষিত নারী আসনের মেয়াদ আরও পঁচিশ বছর বাড়ানোর বিধান রেখে বিলটি পাস করা হয়। বিভক্তি ভোটে বিলের পক্ষে সংসদ সদস্যরা ভোট দেন।

প্রকাশিত সংবাদে এবি ব্যাংকের ব্যাখ্যা

গত ৬ জুলাই বাংলাদেশ প্রতিদিনে প্রকাশিত একটি সংবাদ সম্পর্কে এবি ব্যাংক লিমিটেড ব্যাখ্যা দিয়েছে। ব্যাংকটি জানিয়েছে, প্রকাশিত সংবাদে উল্লেখিত তথ্য সঠিক নয়। ব্যাংক নিয়মিত সব নিয়ম মেনে কার্যক্রম পরিচালনা করছে।

গত ৬ জুলাই বাংলাদেশ প্রতিদিনে প্রকাশিত একটি সংবাদ সম্পর্কে এবি ব্যাংক লিমিটেড ব্যাখ্যা দিয়েছে। ব্যাংকটি জানিয়েছে, প্রকাশিত সংবাদে উল্লেখিত তথ্য সঠিক নয়। ব্যাংক নিয়মিত সব নিয়ম মেনে কার্যক্রম পরিচালনা করছে।

সমাবেশের অনুমতি

(প্রথম পৃষ্ঠার পর) ডিএমপির পক্ষ থেকে শর্তসাপেক্ষে সমাবেশের অনুমতি দেওয়া হয়েছে। নির্ধারিত সময়ের মধ্যে সমাবেশ শেষ করতে হবে বলে জানানো হয়েছে।

(প্রথম পৃষ্ঠার পর) ডিএমপির পক্ষ থেকে শর্তসাপেক্ষে সমাবেশের অনুমতি দেওয়া হয়েছে। নির্ধারিত সময়ের মধ্যে সমাবেশ শেষ করতে হবে বলে জানানো হয়েছে।

ছাত্রলীগের সঙ্গে

(প্রথম পৃষ্ঠার পর) ক্যাম্পাসে দুই পক্ষের মধ্যে সংঘর্ষের ঘটনা ঘটে। এতে বেশ কয়েকজন আহত হন। পরিস্থিতি নিয়ন্ত্রণে পুলিশ মোতায়েন করা হয়েছে।

(প্রথম পৃষ্ঠার পর) ক্যাম্পাসে দুই পক্ষের মধ্যে সংঘর্ষের ঘটনা ঘটে। এতে বেশ কয়েকজন আহত হন। পরিস্থিতি নিয়ন্ত্রণে পুলিশ মোতায়েন করা হয়েছে।

সরকারি কর্মকর্তাদের

(প্রথম পৃষ্ঠার পর) সরকারি কর্মকর্তাদের দায়িত্ব পালনে আরও আন্তরিক হওয়ার আহ্বান জানানো হয়েছে। জনসেবা নিশ্চিত করতে সবাইকে কাজ করতে হবে বলে নির্দেশনা দেওয়া হয়।

(প্রথম পৃষ্ঠার পর) সরকারি কর্মকর্তাদের দায়িত্ব পালনে আরও আন্তরিক হওয়ার আহ্বান জানানো হয়েছে। জনসেবা নিশ্চিত করতে সবাইকে কাজ করতে হবে বলে নির্দেশনা দেওয়া হয়।

(প্রথম পৃষ্ঠার পর) সরকারি কর্মকর্তাদের দায়িত্ব পালনে আরও আন্তরিক হওয়ার আহ্বান জানানো হয়েছে। জনসেবা নিশ্চিত করতে সবাইকে কাজ করতে হবে বলে নির্দেশনা দেওয়া হয়।

HSC
একাডেমিক কেয়ার
ভর্তি চলছে
1st & 2nd Year
বিজ্ঞান ■ মানবিক ■ বাণিজ্য
ক্লাস শুরু: ১০ জুলাই'১৮
UCC মিরপুর-১০
পর্বতা টাওয়ার (৪র্থ তলা)
৯০৩৮১৬৪, ০১৮১৯৭০৭৬২১
গণপ্রজাতন্ত্রী বাংলাদেশ সরকার
বাংলাদেশ পুলিশ
পুলিশ টেলিকম এন্ড ইনফরমেশন ম্যানেজমেন্ট হেডকোয়ার্টার্স
পুলিশ টেলিকম ভবন,
রাজারবাগ, ঢাকা।
Web: www.tim.police.gov.bd
পুনঃ নিলাম বিজ্ঞপ্তি নং-৩৮০/বেতার	তারিখঃ ০৫-০৭-২০১৮খ্রিঃ
ল্যাটিস গাইড টাওয়ারের খুচরা যন্ত্রাংশের Scrap মালামাল বিক্রয়ের জন্য পুনঃ নিলাম বিজ্ঞপ্তি

বাংলাদেশ পুলিশ টেলিকম এন্ড ইনফরমেশন ম্যানেজমেন্ট এর ৪টি জেলায় রক্ষিত (যেখানে যে অবস্থায় আছে) ডিসমান্টেলকৃত ল্যাটিস গাইড টাওয়ারের খুচরা যন্ত্রাংশের Scrap মালামাল বিক্রয়ের লক্ষ্যে আগ্রহী ক্রেতাদের নিকট হতে মুখবন্ধ অবস্থায় সীলমোহরকৃত দরপত্র আহ্বান করা যাচ্ছে। পুনঃ নিলাম লট-০১ : রাজশাহী, লট-০২ : রাজবাড়ী, লট-০৩ : গোপালগঞ্জ, লট-০৪ : কালকাঠী। দরপত্র ২৯-০৭-২০১৮খ্রিঃ তারিখ অফিস চলাকালীন সময়ে দাখিল করা যাবে এবং একই দিন বিকাল ০৩.০০ ঘটিকায় উপস্থিত দরদাতাদের সম্মুখে খোলা হবে। কোন কারণ দর্শানো ব্যতিরেকে নিলামকারী কর্তৃপক্ষ যে কোন দরপত্র গ্রহণ বা বাতিলের ক্ষমতা সংরক্ষণ করেন।

জি-২৫৬/১৮ (৫"×৪)
মোঃ শফিকুল ইসলাম
বিপি-৭৭৮৮১১৭০৯১
পুলিশ সুপার (এডমিন এন্ড ফাইন্যান্স) পুলিশ
টিএন্ডআইএম, রাজারবাগ, ঢাকা।
ফোন : ৮৩০১১০৫, ফ্যাক্স : ৮৩০১৪৫৪
